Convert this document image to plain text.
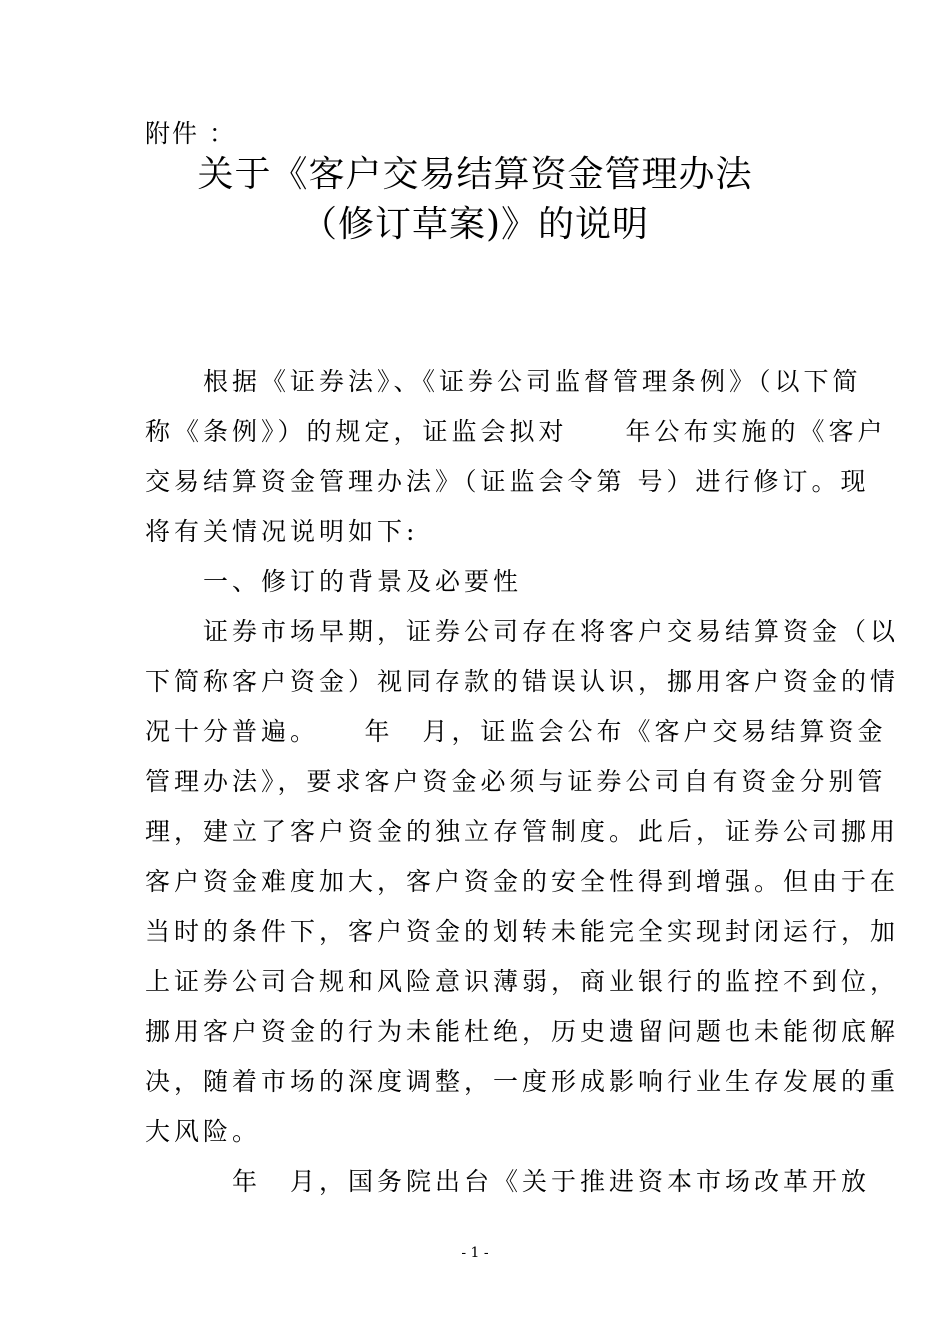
附件 ：
关于《客户交易结算资金管理办法
（修订草案)》的说明
　　根据《证券法》、《证券公司监督管理条例》（以下简
称《条例》）的规定，证监会拟对　　年公布实施的《客户
交易结算资金管理办法》（证监会令第 号）进行修订。现
将有关情况说明如下:
　　一、修订的背景及必要性
　　证券市场早期，证券公司存在将客户交易结算资金（以
下简称客户资金）视同存款的错误认识，挪用客户资金的情
况十分普遍。　　年　月，证监会公布《客户交易结算资金
管理办法》，要求客户资金必须与证券公司自有资金分别管
理，建立了客户资金的独立存管制度。此后，证券公司挪用
客户资金难度加大，客户资金的安全性得到增强。但由于在
当时的条件下，客户资金的划转未能完全实现封闭运行，加
上证券公司合规和风险意识薄弱，商业银行的监控不到位，
挪用客户资金的行为未能杜绝，历史遗留问题也未能彻底解
决，随着市场的深度调整，一度形成影响行业生存发展的重
大风险。
　　　年　月，国务院出台《关于推进资本市场改革开放
- 1 -
